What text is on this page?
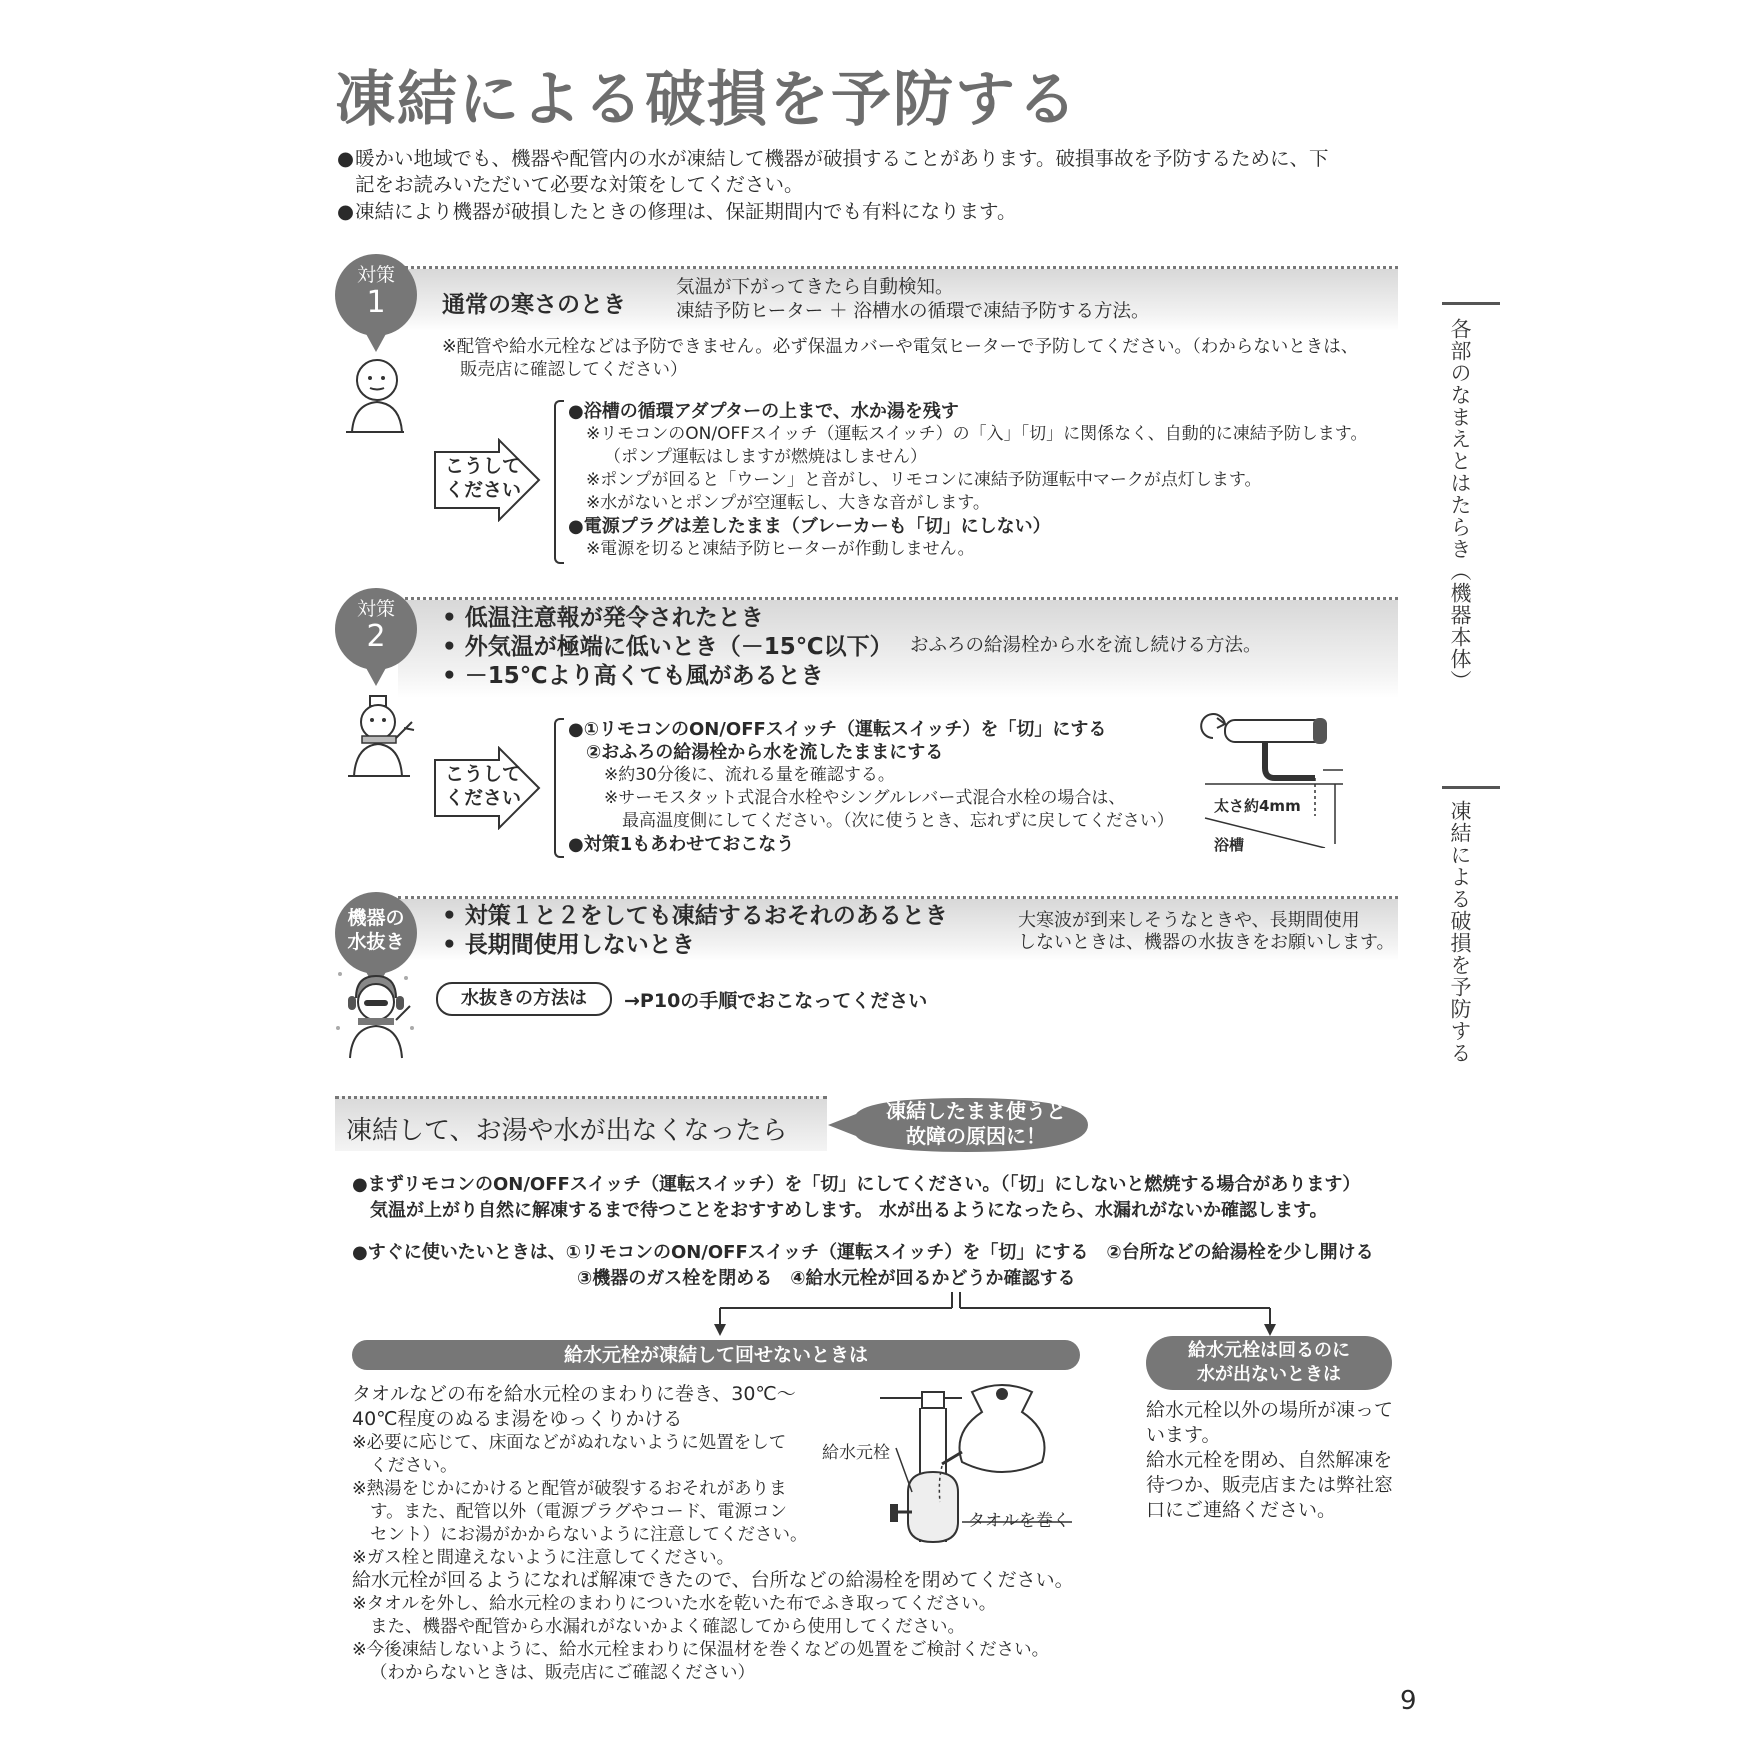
凍結による破損を予防する
●暖かい地域でも、機器や配管内の水が凍結して機器が破損することがあります。破損事故を予防するために、下
記をお読みいただいて必要な対策をしてください。
●凍結により機器が破損したときの修理は、保証期間内でも有料になります。
各部のなまえとはたらき（機器本体）
凍結による破損を予防する
対策
1	通常の寒さのとき
気温が下がってきたら自動検知。
凍結予防ヒーター ＋ 浴槽水の循環で凍結予防する方法。
※配管や給水元栓などは予防できません。必ず保温カバーや電気ヒーターで予防してください。（わからないときは、
販売店に確認してください）
こうして
ください
●浴槽の循環アダプターの上まで、水か湯を残す
※リモコンのON/OFFスイッチ（運転スイッチ）の「入」「切」に関係なく、自動的に凍結予防します。
（ポンプ運転はしますが燃焼はしません）
※ポンプが回ると「ウーン」と音がし、リモコンに凍結予防運転中マークが点灯します。
※水がないとポンプが空運転し、大きな音がします。
●電源プラグは差したまま（ブレーカーも「切」にしない）
※電源を切ると凍結予防ヒーターが作動しません。
対策
2
• 低温注意報が発令されたとき
• 外気温が極端に低いとき（－15℃以下）
• －15℃より高くても風があるとき
おふろの給湯栓から水を流し続ける方法。
こうして
ください
●①リモコンのON/OFFスイッチ（運転スイッチ）を「切」にする
②おふろの給湯栓から水を流したままにする
※約30分後に、流れる量を確認する。
※サーモスタット式混合水栓やシングルレバー式混合水栓の場合は、
最高温度側にしてください。（次に使うとき、忘れずに戻してください）
●対策1もあわせておこなう
太さ約4mm
浴槽
機器の
水抜き
• 対策１と２をしても凍結するおそれのあるとき
• 長期間使用しないとき
大寒波が到来しそうなときや、長期間使用
しないときは、機器の水抜きをお願いします。
水抜きの方法は	→P10の手順でおこなってください
凍結して、お湯や水が出なくなったら
凍結したまま使うと
故障の原因に！
●まずリモコンのON/OFFスイッチ（運転スイッチ）を「切」にしてください。（「切」にしないと燃焼する場合があります）
気温が上がり自然に解凍するまで待つことをおすすめします。 水が出るようになったら、水漏れがないか確認します。
●すぐに使いたいときは、①リモコンのON/OFFスイッチ（運転スイッチ）を「切」にする　②台所などの給湯栓を少し開ける
③機器のガス栓を閉める　④給水元栓が回るかどうか確認する
給水元栓が凍結して回せないときは	給水元栓は回るのに
水が出ないときは
タオルなどの布を給水元栓のまわりに巻き、30℃～
40℃程度のぬるま湯をゆっくりかける
※必要に応じて、床面などがぬれないように処置をして
ください。
※熱湯をじかにかけると配管が破裂するおそれがありま
す。また、配管以外（電源プラグやコード、電源コン
セント）にお湯がかからないように注意してください。
※ガス栓と間違えないように注意してください。
給水元栓
タオルを巻く
給水元栓以外の場所が凍って
います。
給水元栓を閉め、自然解凍を
待つか、販売店または弊社窓
口にご連絡ください。
給水元栓が回るようになれば解凍できたので、台所などの給湯栓を閉めてください。
※タオルを外し、給水元栓のまわりについた水を乾いた布でふき取ってください。
また、機器や配管から水漏れがないかよく確認してから使用してください。
※今後凍結しないように、給水元栓まわりに保温材を巻くなどの処置をご検討ください。
（わからないときは、販売店にご確認ください）
9
